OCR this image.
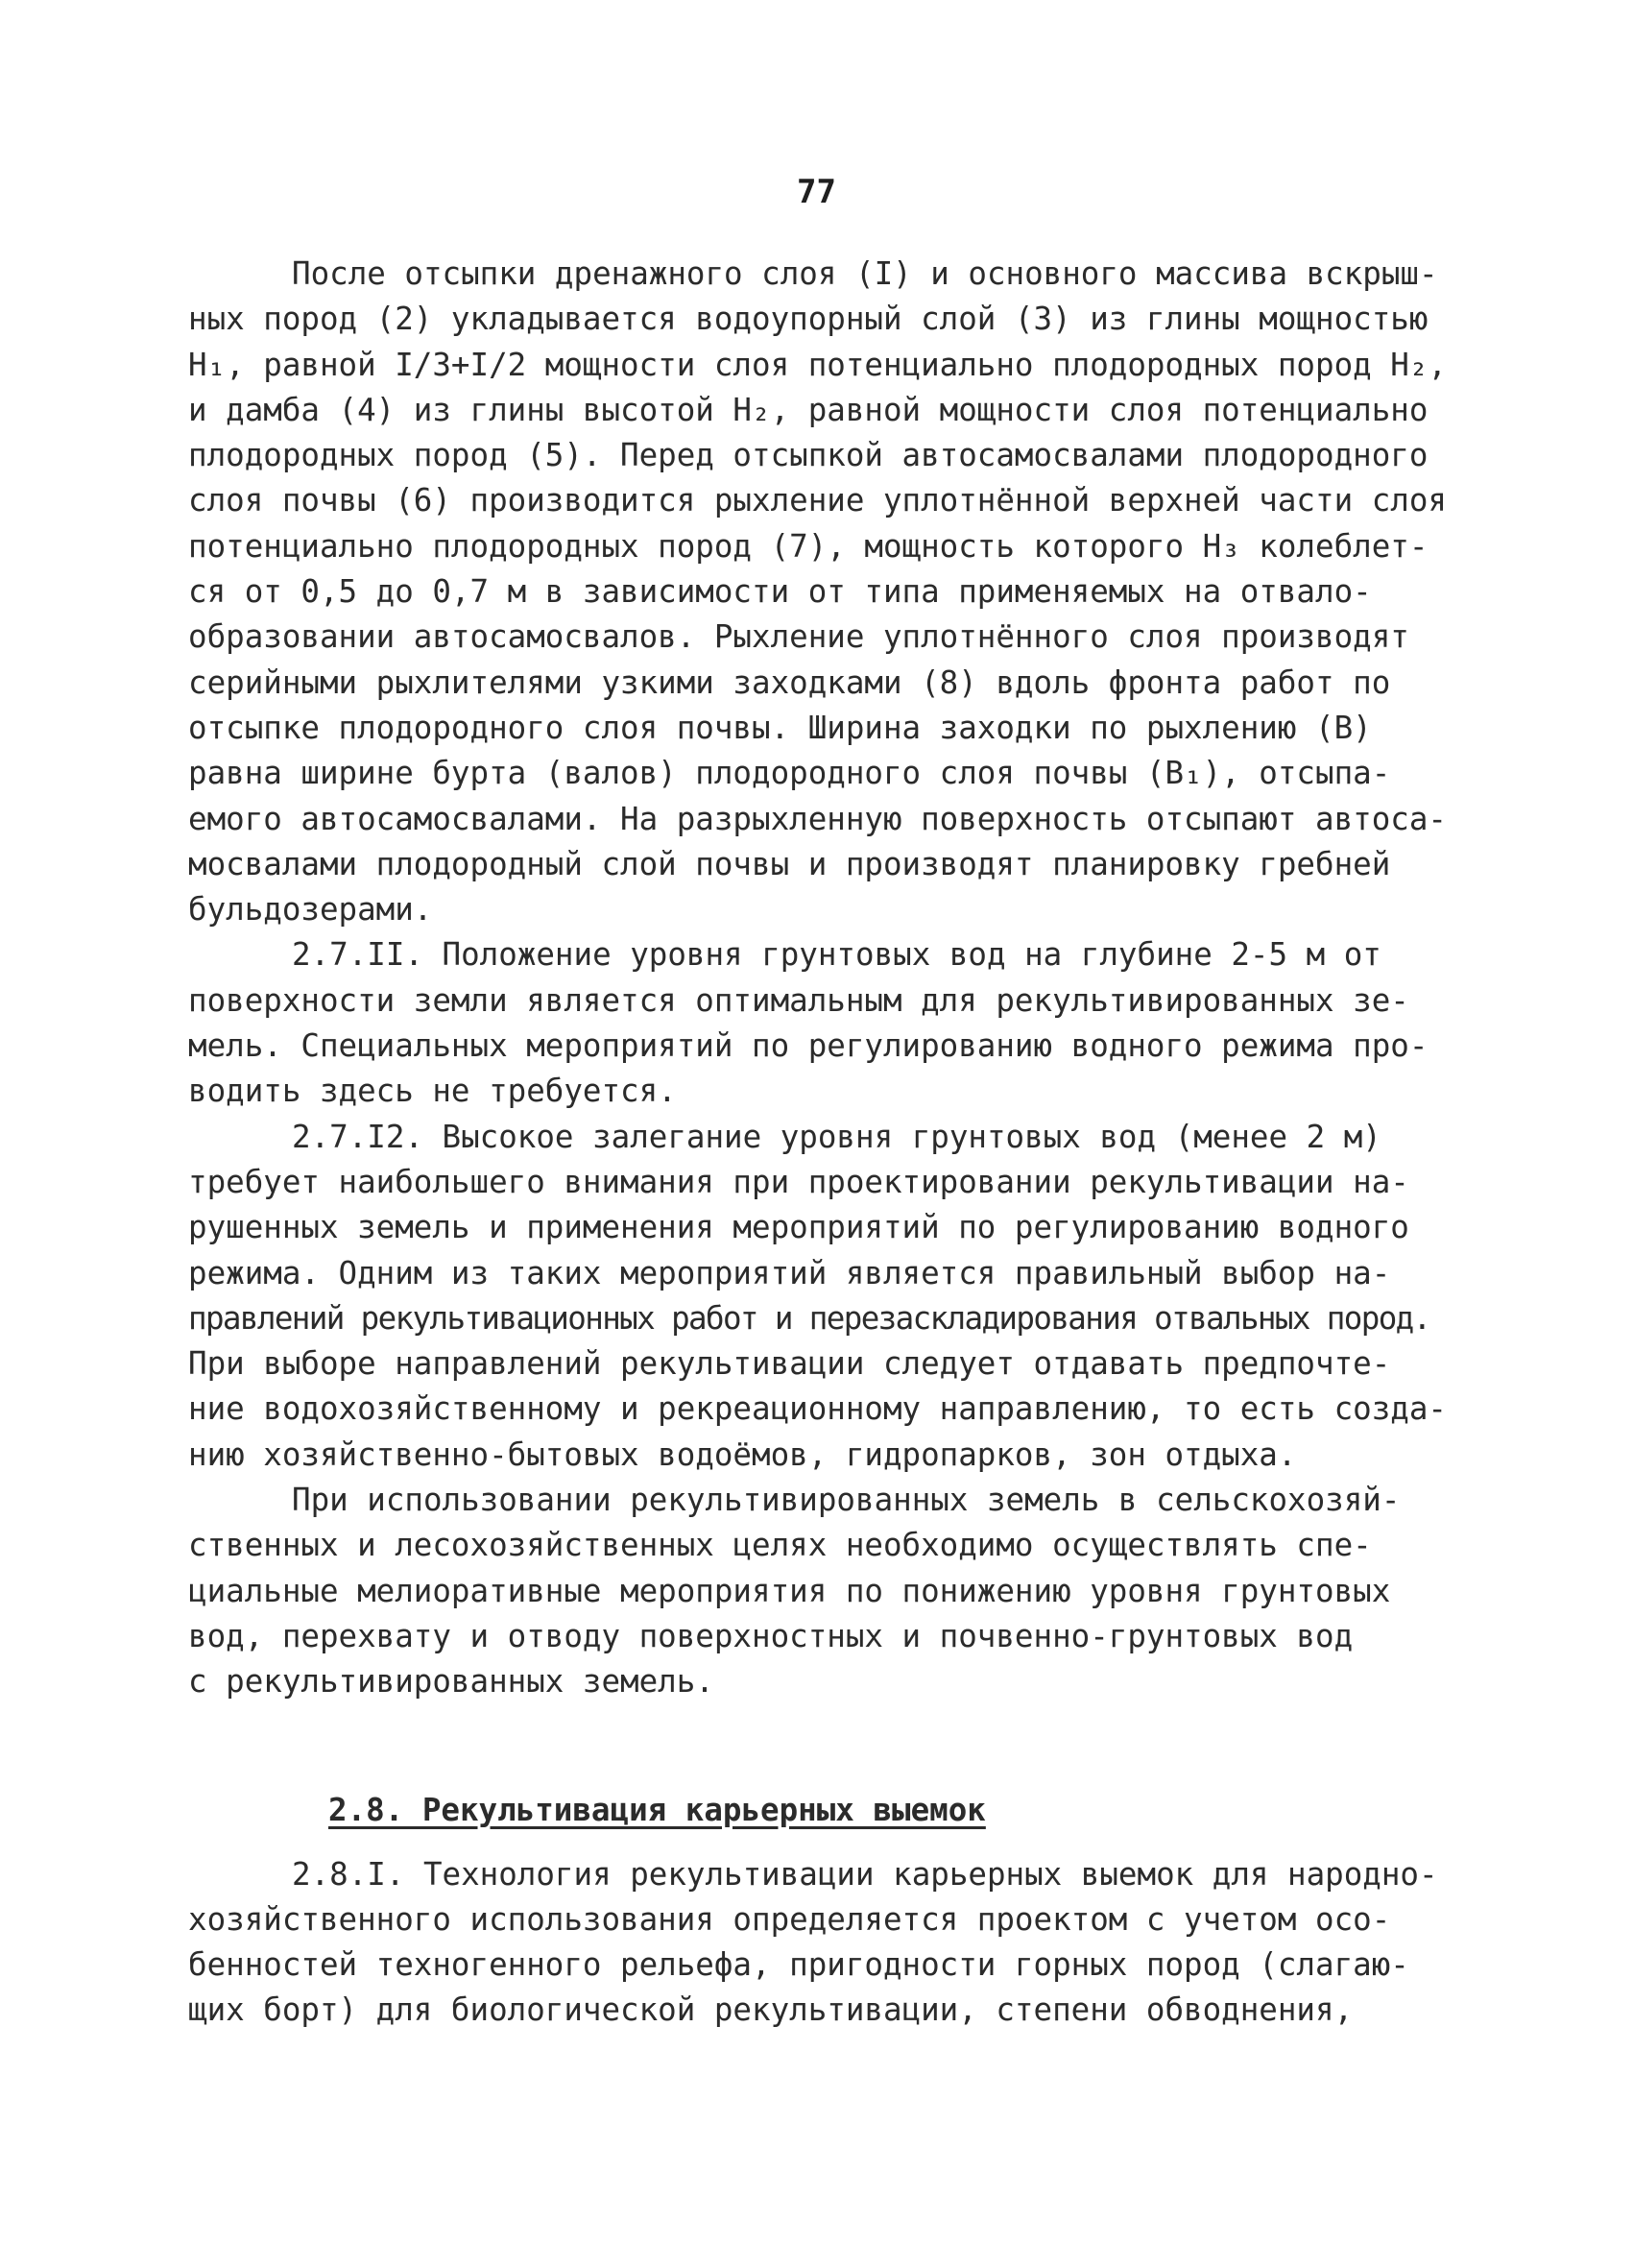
77
После отсыпки дренажного слоя (I) и основного массива вскрыш-
ных пород (2) укладывается водоупорный слой (3) из глины мощностью
H₁, равной I/3+I/2 мощности слоя потенциально плодородных пород H₂,
и дамба (4) из глины высотой H₂, равной мощности слоя потенциально
плодородных пород (5). Перед отсыпкой автосамосвалами плодородного
слоя почвы (6) производится рыхление уплотнённой верхней части слоя
потенциально плодородных пород (7), мощность которого H₃ колеблет-
ся от 0,5 до 0,7 м в зависимости от типа применяемых на отвало-
образовании автосамосвалов. Рыхление уплотнённого слоя производят
серийными рыхлителями узкими заходками (8) вдоль фронта работ по
отсыпке плодородного слоя почвы. Ширина заходки по рыхлению (B)
равна ширине бурта (валов) плодородного слоя почвы (B₁), отсыпа-
емого автосамосвалами. На разрыхленную поверхность отсыпают автоса-
мосвалами плодородный слой почвы и производят планировку гребней
бульдозерами.
2.7.II. Положение уровня грунтовых вод на глубине 2-5 м от
поверхности земли является оптимальным для рекультивированных зе-
мель. Специальных мероприятий по регулированию водного режима про-
водить здесь не требуется.
2.7.I2. Высокое залегание уровня грунтовых вод (менее 2 м)
требует наибольшего внимания при проектировании рекультивации на-
рушенных земель и применения мероприятий по регулированию водного
режима. Одним из таких мероприятий является правильный выбор на-
правлений рекультивационных работ и перезаскладирования отвальных пород.
При выборе направлений рекультивации следует отдавать предпочте-
ние водохозяйственному и рекреационному направлению, то есть созда-
нию хозяйственно-бытовых водоёмов, гидропарков, зон отдыха.
При использовании рекультивированных земель в сельскохозяй-
ственных и лесохозяйственных целях необходимо осуществлять спе-
циальные мелиоративные мероприятия по понижению уровня грунтовых
вод, перехвату и отводу поверхностных и почвенно-грунтовых вод
с рекультивированных земель.
2.8. Рекультивация карьерных выемок
2.8.I. Технология рекультивации карьерных выемок для народно-
хозяйственного использования определяется проектом с учетом осо-
бенностей техногенного рельефа, пригодности горных пород (слагаю-
щих борт) для биологической рекультивации, степени обводнения,
